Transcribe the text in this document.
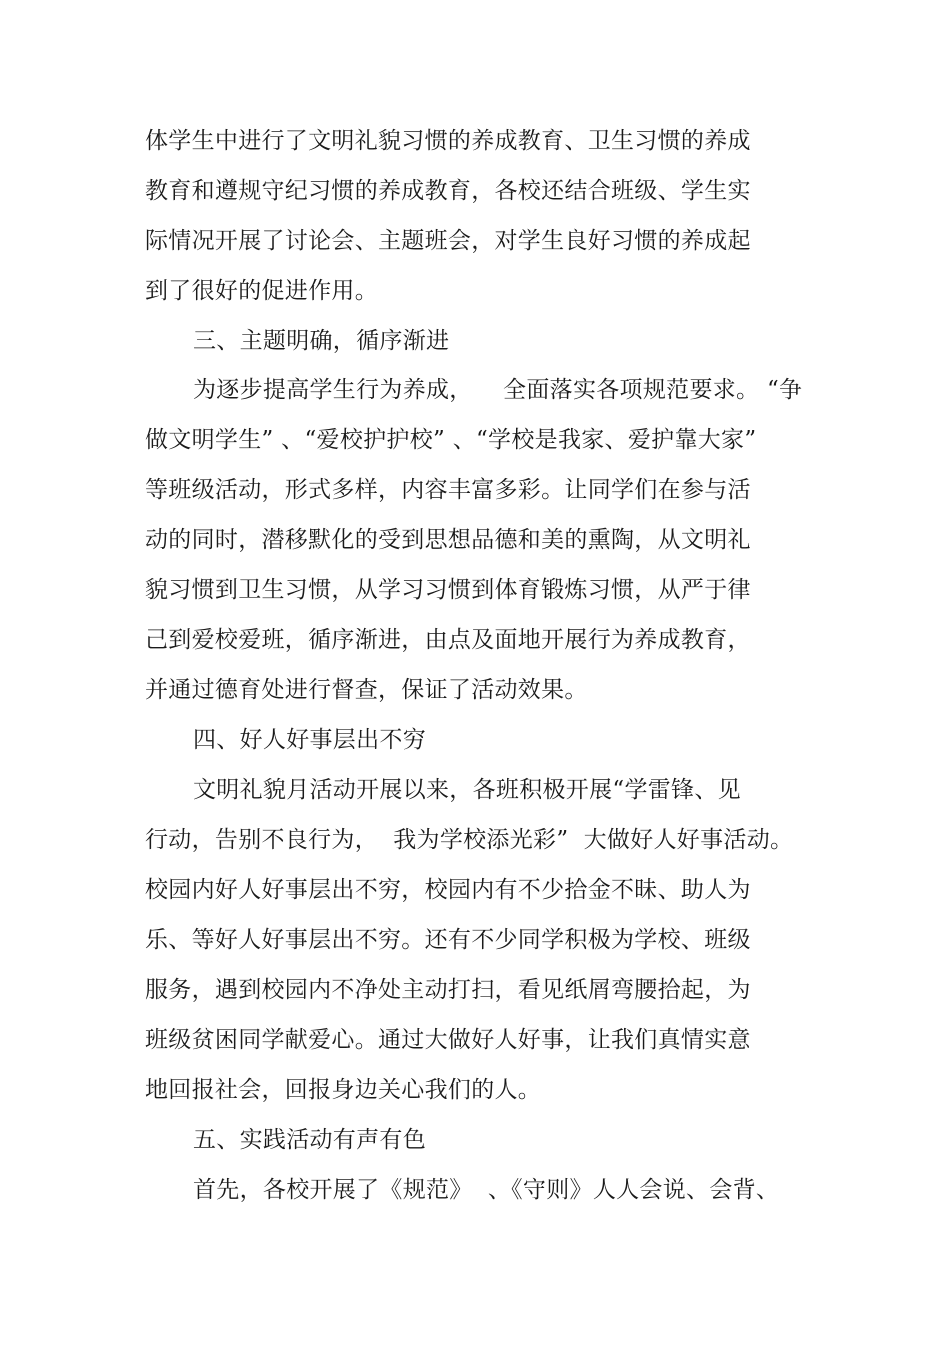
体学生中进行了文明礼貌习惯的养成教育、卫生习惯的养成
教育和遵规守纪习惯的养成教育，各校还结合班级、学生实
际情况开展了讨论会、主题班会，对学生良好习惯的养成起
到了很好的促进作用。
三、主题明确，循序渐进
为逐步提高学生行为养成，    全面落实各项规范要求。 “争
做文明学生” 、“爱校护护校” 、“学校是我家、爱护靠大家”
等班级活动，形式多样，内容丰富多彩。让同学们在参与活
动的同时，潜移默化的受到思想品德和美的熏陶，从文明礼
貌习惯到卫生习惯，从学习习惯到体育锻炼习惯，从严于律
己到爱校爱班，循序渐进，由点及面地开展行为养成教育，
并通过德育处进行督查，保证了活动效果。
四、好人好事层出不穷
文明礼貌月活动开展以来，各班积极开展“学雷锋、见
行动，告别不良行为，  我为学校添光彩”  大做好人好事活动。
校园内好人好事层出不穷，校园内有不少拾金不昧、助人为
乐、等好人好事层出不穷。还有不少同学积极为学校、班级
服务，遇到校园内不净处主动打扫，看见纸屑弯腰拾起，为
班级贫困同学献爱心。通过大做好人好事，让我们真情实意
地回报社会，回报身边关心我们的人。
五、实践活动有声有色
首先，各校开展了《规范》  、《守则》人人会说、会背、
